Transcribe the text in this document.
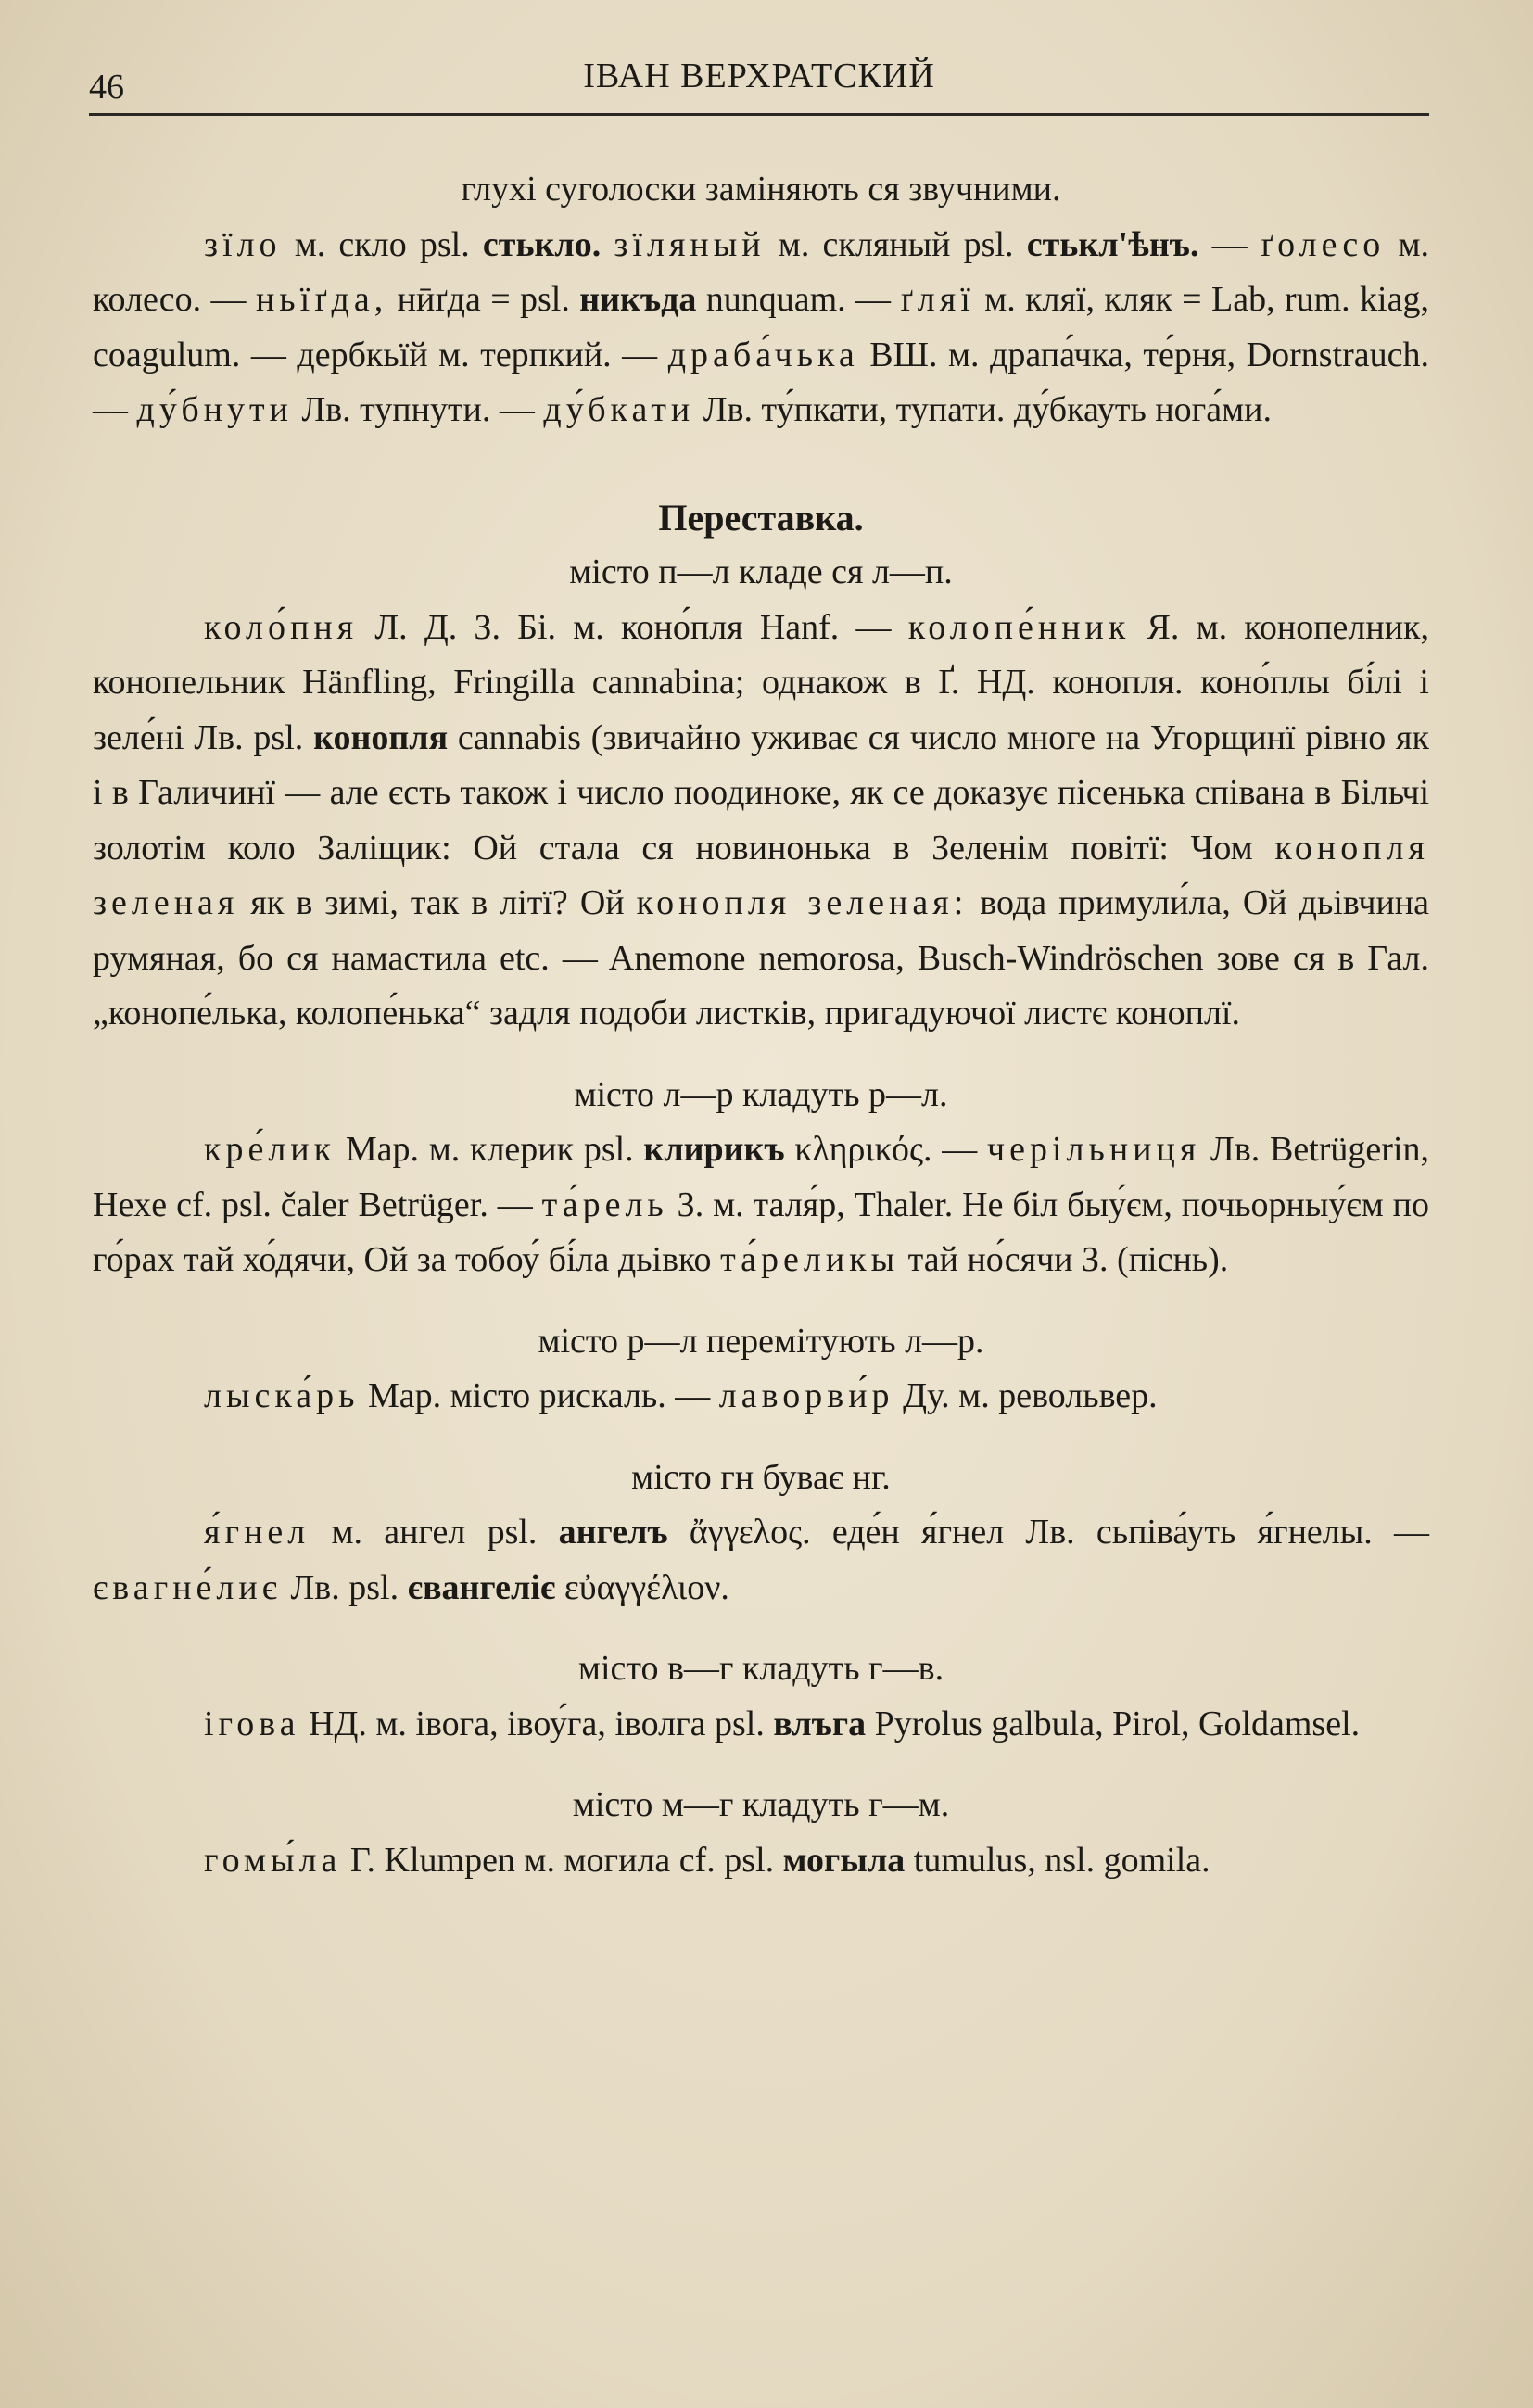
46	ІВАН ВЕРХРАТСКИЙ
глухі суголоски заміняють ся звучними.

зїло м. скло psl. стькло. зїляный м. скляный psl. стькл'ѣнъ. — ґолесо м. колесо. — ньїґда, нӣґда = psl. никъда nunquam. — ґляї м. кляї, кляк = Lab, rum. kiag, coagulum. — дербкьїй м. терпкий. — драба́чька ВШ. м. драпа́чка, те́рня, Dornstrauch. — ду́бнути Лв. тупнути. — ду́бкати Лв. ту́пкати, тупати. ду́бкауть нога́ми.

Переставка.
місто п—л кладе ся л—п.

коло́пня Л. Д. З. Бі. м. коно́пля Hanf. — колопе́нник Я. м. конопелник, конопельник Hänfling, Fringilla cannabina; однакож в Ґ. НД. конопля. коно́плы бі́лі і зеле́ні Лв. psl. конопля cannabis (звичайно уживає ся число многе на Угорщинї рівно як і в Галичинї — але єсть також і число поодиноке, як се доказує пісенька співана в Більчі золотім коло Заліщик: Ой стала ся новинонька в Зеленім повітї: Чом конопля зеленая як в зимі, так в літї? Ой конопля зеленая: вода примули́ла, Ой дьівчина румяная, бо ся намастила etc. — Anemone nemorosa, Busch-Windröschen зове ся в Гал. „конопе́лька, колопе́нька“ задля подоби листків, пригадуючої листє коноплї.

місто л—р кладуть р—л.

кре́лик Мар. м. клерик psl. клирикъ κληρικός. — черільниця Лв. Betrügerin, Hexe cf. psl. čaler Betrüger. — та́рель З. м. таля́р, Thaler. Не біл быу́єм, почьорныу́єм по го́рах тай хо́дячи, Ой за тобоу́ бі́ла дьівко та́реликы тай но́сячи З. (піснь).

місто р—л перемітують л—р.

лыска́рь Мар. місто рискаль. — лаворви́р Ду. м. револьвер.

місто гн буває нг.

я́гнел м. ангел psl. ангелъ ἄγγελος. еде́н я́гнел Лв. сьпіва́уть я́гнелы. — євагне́лиє Лв. psl. євангеліє εὐαγγέλιον.

місто в—г кладуть г—в.

ігова НД. м. івога, івоу́га, іволга psl. влъга Pyrolus galbula, Pirol, Goldamsel.

місто м—г кладуть г—м.

гомы́ла Г. Klumpen м. могила cf. psl. могыла tumulus, nsl. gomila.
